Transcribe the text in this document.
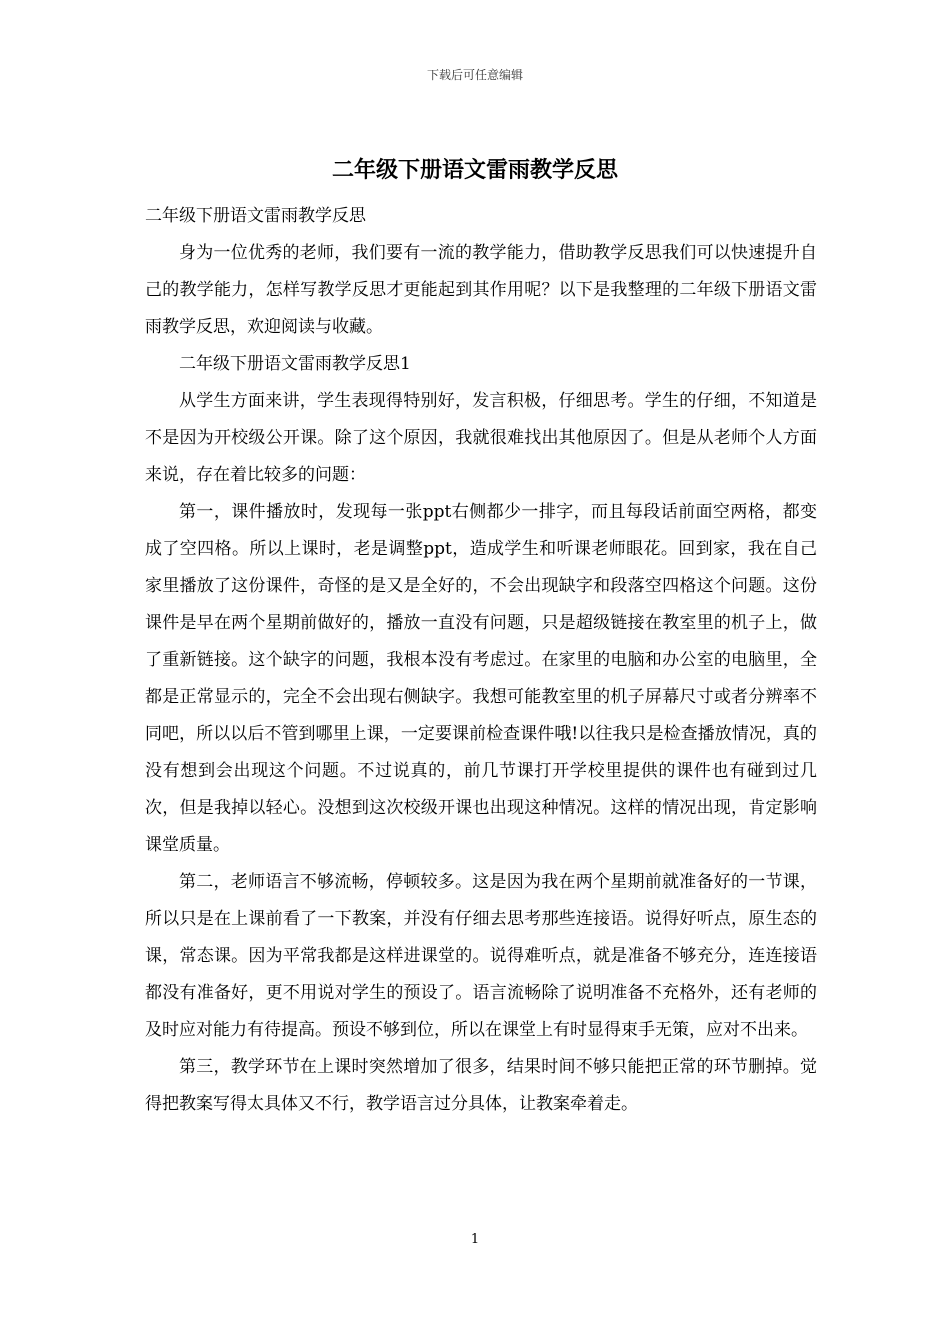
下载后可任意编辑
二年级下册语文雷雨教学反思

二年级下册语文雷雨教学反思

身为一位优秀的老师，我们要有一流的教学能力，借助教学反思我们可以快速提升自己的教学能力，怎样写教学反思才更能起到其作用呢？以下是我整理的二年级下册语文雷雨教学反思，欢迎阅读与收藏。

二年级下册语文雷雨教学反思1

从学生方面来讲，学生表现得特别好，发言积极，仔细思考。学生的仔细，不知道是不是因为开校级公开课。除了这个原因，我就很难找出其他原因了。但是从老师个人方面来说，存在着比较多的问题：

第一，课件播放时，发现每一张ppt右侧都少一排字，而且每段话前面空两格，都变成了空四格。所以上课时，老是调整ppt，造成学生和听课老师眼花。回到家，我在自己家里播放了这份课件，奇怪的是又是全好的，不会出现缺字和段落空四格这个问题。这份课件是早在两个星期前做好的，播放一直没有问题，只是超级链接在教室里的机子上，做了重新链接。这个缺字的问题，我根本没有考虑过。在家里的电脑和办公室的电脑里，全都是正常显示的，完全不会出现右侧缺字。我想可能教室里的机子屏幕尺寸或者分辨率不同吧，所以以后不管到哪里上课，一定要课前检查课件哦!以往我只是检查播放情况，真的没有想到会出现这个问题。不过说真的，前几节课打开学校里提供的课件也有碰到过几次，但是我掉以轻心。没想到这次校级开课也出现这种情况。这样的情况出现，肯定影响课堂质量。

第二，老师语言不够流畅，停顿较多。这是因为我在两个星期前就准备好的一节课，所以只是在上课前看了一下教案，并没有仔细去思考那些连接语。说得好听点，原生态的课，常态课。因为平常我都是这样进课堂的。说得难听点，就是准备不够充分，连连接语都没有准备好，更不用说对学生的预设了。语言流畅除了说明准备不充格外，还有老师的及时应对能力有待提高。预设不够到位，所以在课堂上有时显得束手无策，应对不出来。

第三，教学环节在上课时突然增加了很多，结果时间不够只能把正常的环节删掉。觉得把教案写得太具体又不行，教学语言过分具体，让教案牵着走。

1
